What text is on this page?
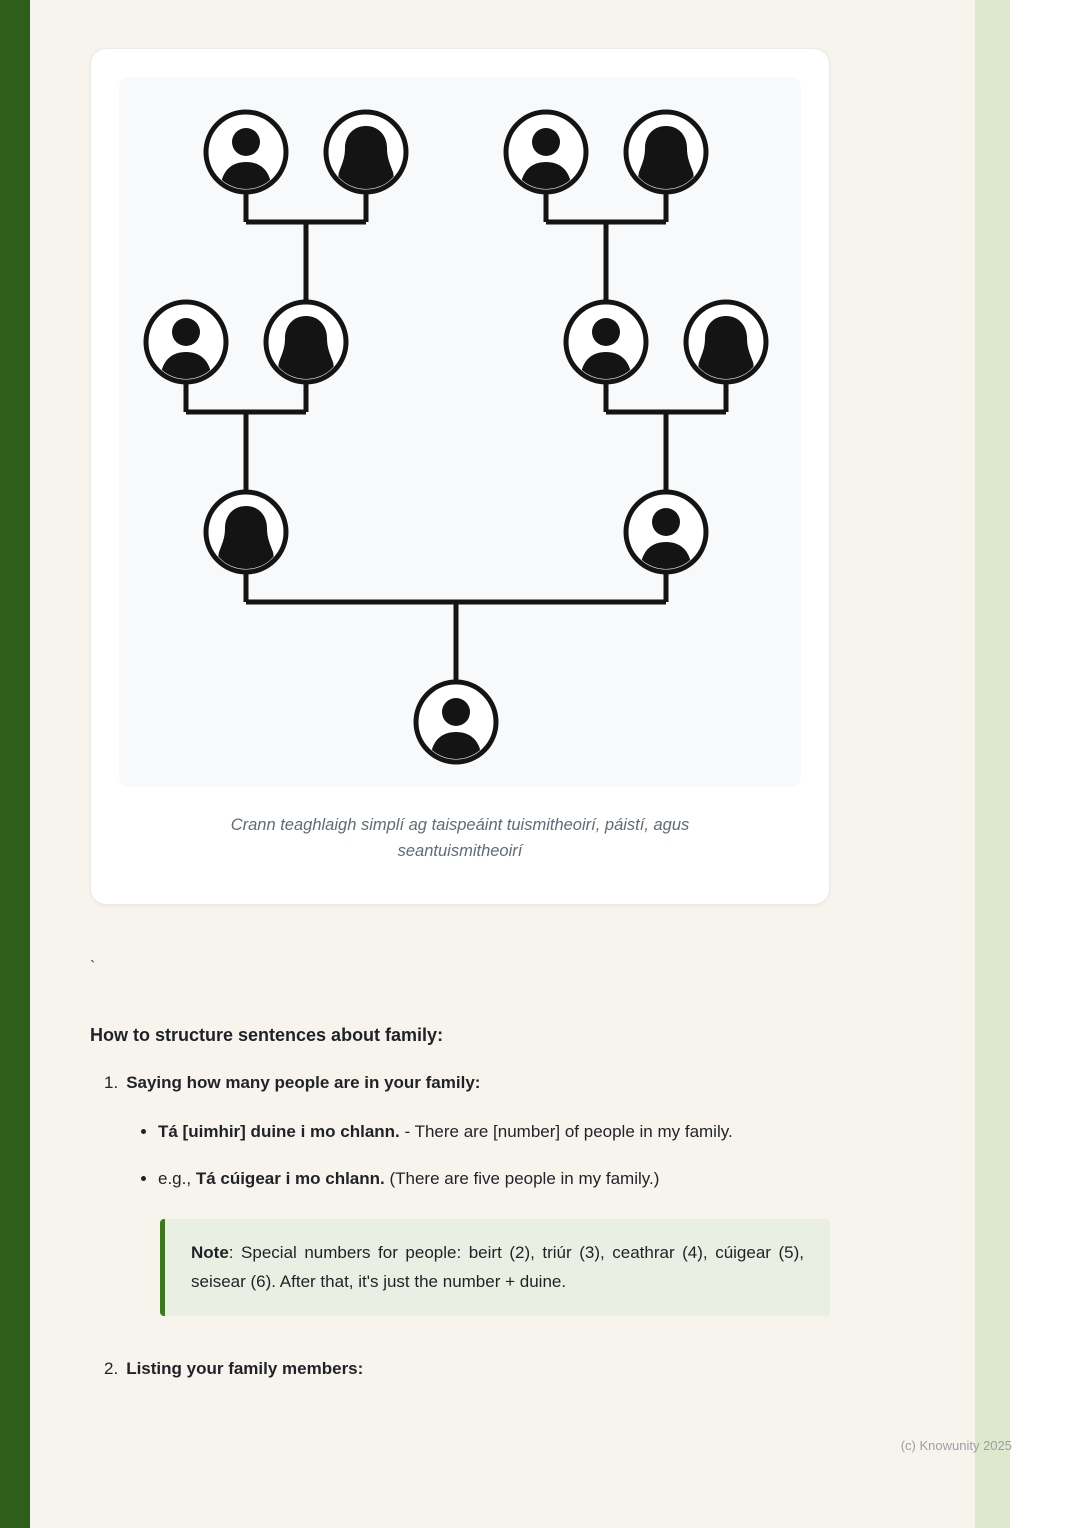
Crann teaghlaigh simplí ag taispeáint tuismitheoirí, páistí, agus seantuismitheoirí
`
How to structure sentences about family:
1. Saying how many people are in your family:
• Tá [uimhir] duine i mo chlann. - There are [number] of people in my family.
• e.g., Tá cúigear i mo chlann. (There are five people in my family.)

Note: Special numbers for people: beirt (2), triúr (3), ceathrar (4), cúigear (5), seisear (6). After that, it's just the number + duine.

2. Listing your family members:
(c) Knowunity 2025
